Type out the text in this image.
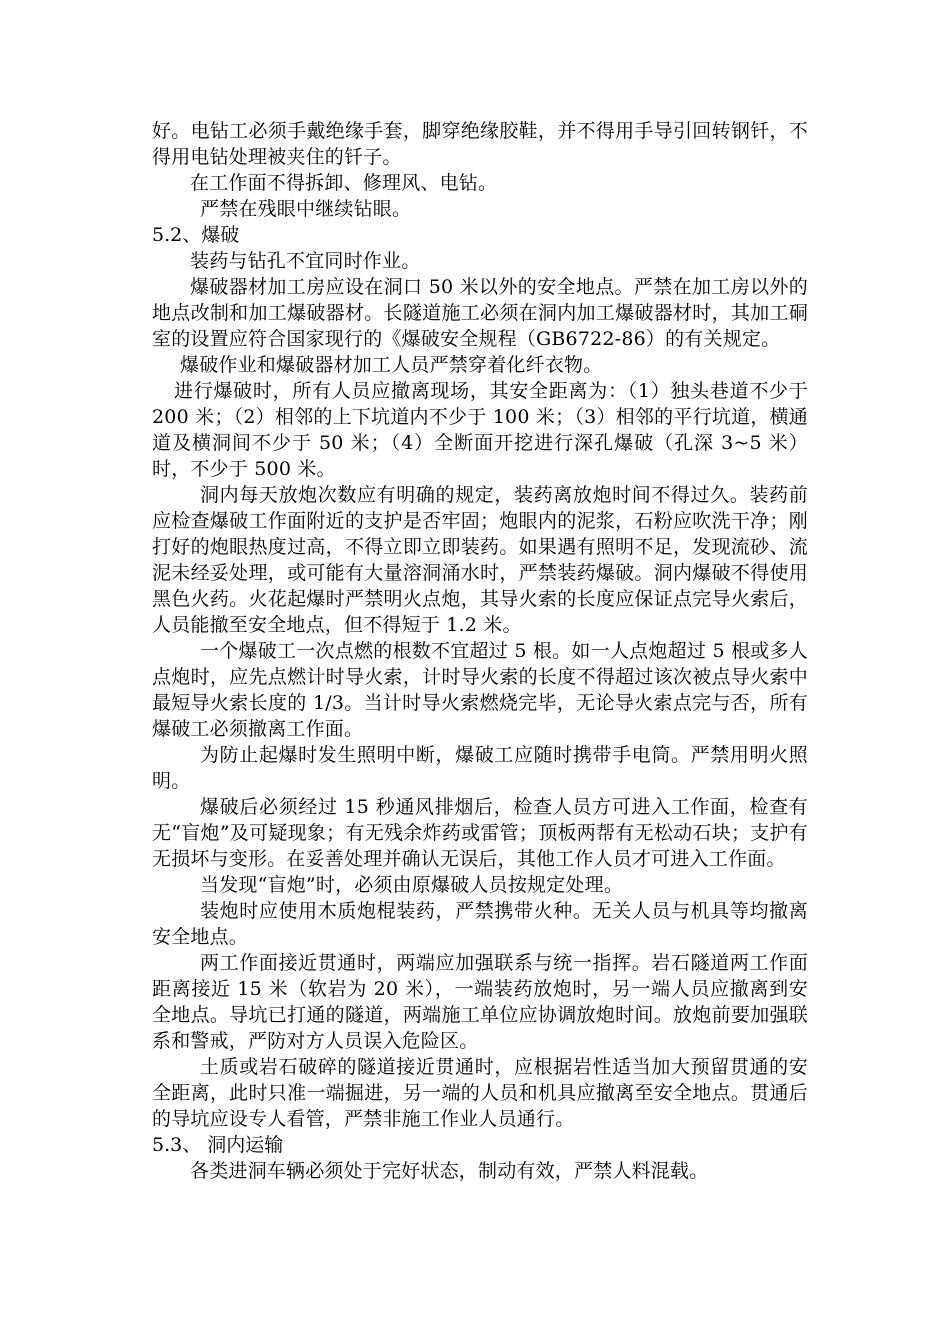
好。电钻工必须手戴绝缘手套，脚穿绝缘胶鞋，并不得用手导引回转钢钎，不得用电钻处理被夹住的钎子。

在工作面不得拆卸、修理风、电钻。

严禁在残眼中继续钻眼。

5.2、爆破

装药与钻孔不宜同时作业。

爆破器材加工房应设在洞口 50 米以外的安全地点。严禁在加工房以外的地点改制和加工爆破器材。长隧道施工必须在洞内加工爆破器材时，其加工硐室的设置应符合国家现行的《爆破安全规程（GB6722-86）的有关规定。

爆破作业和爆破器材加工人员严禁穿着化纤衣物。

进行爆破时，所有人员应撤离现场，其安全距离为：（1）独头巷道不少于 200 米；（2）相邻的上下坑道内不少于 100 米；（3）相邻的平行坑道，横通道及横洞间不少于 50 米；（4）全断面开挖进行深孔爆破（孔深 3~5 米）时，不少于 500 米。

洞内每天放炮次数应有明确的规定，装药离放炮时间不得过久。装药前应检查爆破工作面附近的支护是否牢固；炮眼内的泥浆，石粉应吹洗干净；刚打好的炮眼热度过高，不得立即立即装药。如果遇有照明不足，发现流砂、流泥未经妥处理，或可能有大量溶洞涌水时，严禁装药爆破。洞内爆破不得使用黑色火药。火花起爆时严禁明火点炮，其导火索的长度应保证点完导火索后，人员能撤至安全地点，但不得短于 1.2 米。

一个爆破工一次点燃的根数不宜超过 5 根。如一人点炮超过 5 根或多人点炮时，应先点燃计时导火索，计时导火索的长度不得超过该次被点导火索中最短导火索长度的 1/3。当计时导火索燃烧完毕，无论导火索点完与否，所有爆破工必须撤离工作面。

为防止起爆时发生照明中断，爆破工应随时携带手电筒。严禁用明火照明。

爆破后必须经过 15 秒通风排烟后，检查人员方可进入工作面，检查有无“盲炮”及可疑现象；有无残余炸药或雷管；顶板两帮有无松动石块；支护有无损坏与变形。在妥善处理并确认无误后，其他工作人员才可进入工作面。

当发现“盲炮”时，必须由原爆破人员按规定处理。

装炮时应使用木质炮棍装药，严禁携带火种。无关人员与机具等均撤离安全地点。

两工作面接近贯通时，两端应加强联系与统一指挥。岩石隧道两工作面距离接近 15 米（软岩为 20 米），一端装药放炮时，另一端人员应撤离到安全地点。导坑已打通的隧道，两端施工单位应协调放炮时间。放炮前要加强联系和警戒，严防对方人员误入危险区。

土质或岩石破碎的隧道接近贯通时，应根据岩性适当加大预留贯通的安全距离，此时只准一端掘进，另一端的人员和机具应撤离至安全地点。贯通后的导坑应设专人看管，严禁非施工作业人员通行。

5.3、 洞内运输

各类进洞车辆必须处于完好状态，制动有效，严禁人料混载。
